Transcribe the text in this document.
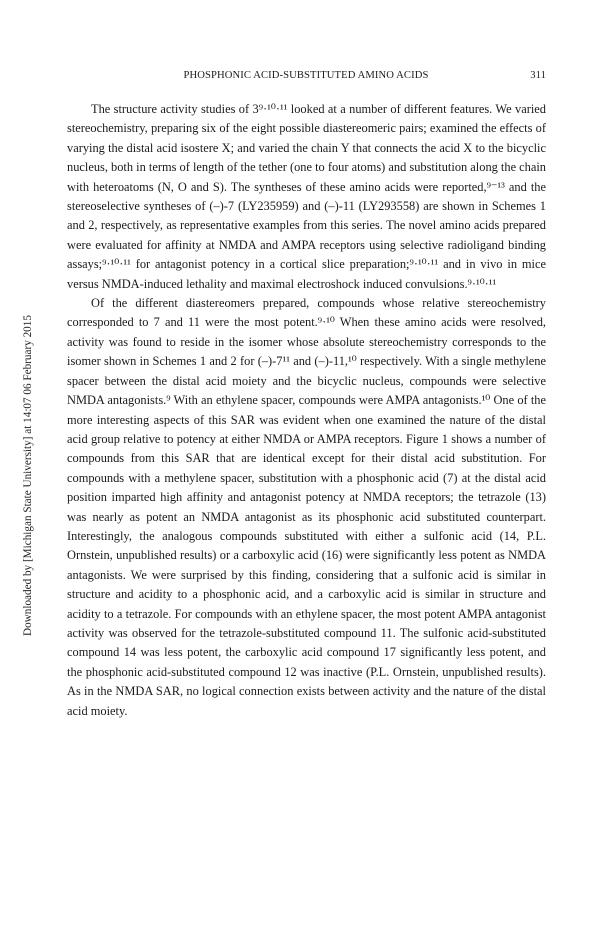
PHOSPHONIC ACID-SUBSTITUTED AMINO ACIDS	311

The structure activity studies of 3⁹·¹⁰·¹¹ looked at a number of different features. We varied stereochemistry, preparing six of the eight possible diastereomeric pairs; examined the effects of varying the distal acid isostere X; and varied the chain Y that connects the acid X to the bicyclic nucleus, both in terms of length of the tether (one to four atoms) and substitution along the chain with heteroatoms (N, O and S). The syntheses of these amino acids were reported,⁹⁻¹³ and the stereoselective syntheses of (–)-7 (LY235959) and (–)-11 (LY293558) are shown in Schemes 1 and 2, respectively, as representative examples from this series. The novel amino acids prepared were evaluated for affinity at NMDA and AMPA receptors using selective radioligand binding assays;⁹·¹⁰·¹¹ for antagonist potency in a cortical slice preparation;⁹·¹⁰·¹¹ and in vivo in mice versus NMDA-induced lethality and maximal electroshock induced convulsions.⁹·¹⁰·¹¹

Of the different diastereomers prepared, compounds whose relative stereochemistry corresponded to 7 and 11 were the most potent.⁹·¹⁰ When these amino acids were resolved, activity was found to reside in the isomer whose absolute stereochemistry corresponds to the isomer shown in Schemes 1 and 2 for (–)-7¹¹ and (–)-11,¹⁰ respectively. With a single methylene spacer between the distal acid moiety and the bicyclic nucleus, compounds were selective NMDA antagonists.⁹ With an ethylene spacer, compounds were AMPA antagonists.¹⁰ One of the more interesting aspects of this SAR was evident when one examined the nature of the distal acid group relative to potency at either NMDA or AMPA receptors. Figure 1 shows a number of compounds from this SAR that are identical except for their distal acid substitution. For compounds with a methylene spacer, substitution with a phosphonic acid (7) at the distal acid position imparted high affinity and antagonist potency at NMDA receptors; the tetrazole (13) was nearly as potent an NMDA antagonist as its phosphonic acid substituted counterpart. Interestingly, the analogous compounds substituted with either a sulfonic acid (14, P.L. Ornstein, unpublished results) or a carboxylic acid (16) were significantly less potent as NMDA antagonists. We were surprised by this finding, considering that a sulfonic acid is similar in structure and acidity to a phosphonic acid, and a carboxylic acid is similar in structure and acidity to a tetrazole. For compounds with an ethylene spacer, the most potent AMPA antagonist activity was observed for the tetrazole-substituted compound 11. The sulfonic acid-substituted compound 14 was less potent, the carboxylic acid compound 17 significantly less potent, and the phosphonic acid-substituted compound 12 was inactive (P.L. Ornstein, unpublished results). As in the NMDA SAR, no logical connection exists between activity and the nature of the distal acid moiety.

Downloaded by [Michigan State University] at 14:07 06 February 2015
